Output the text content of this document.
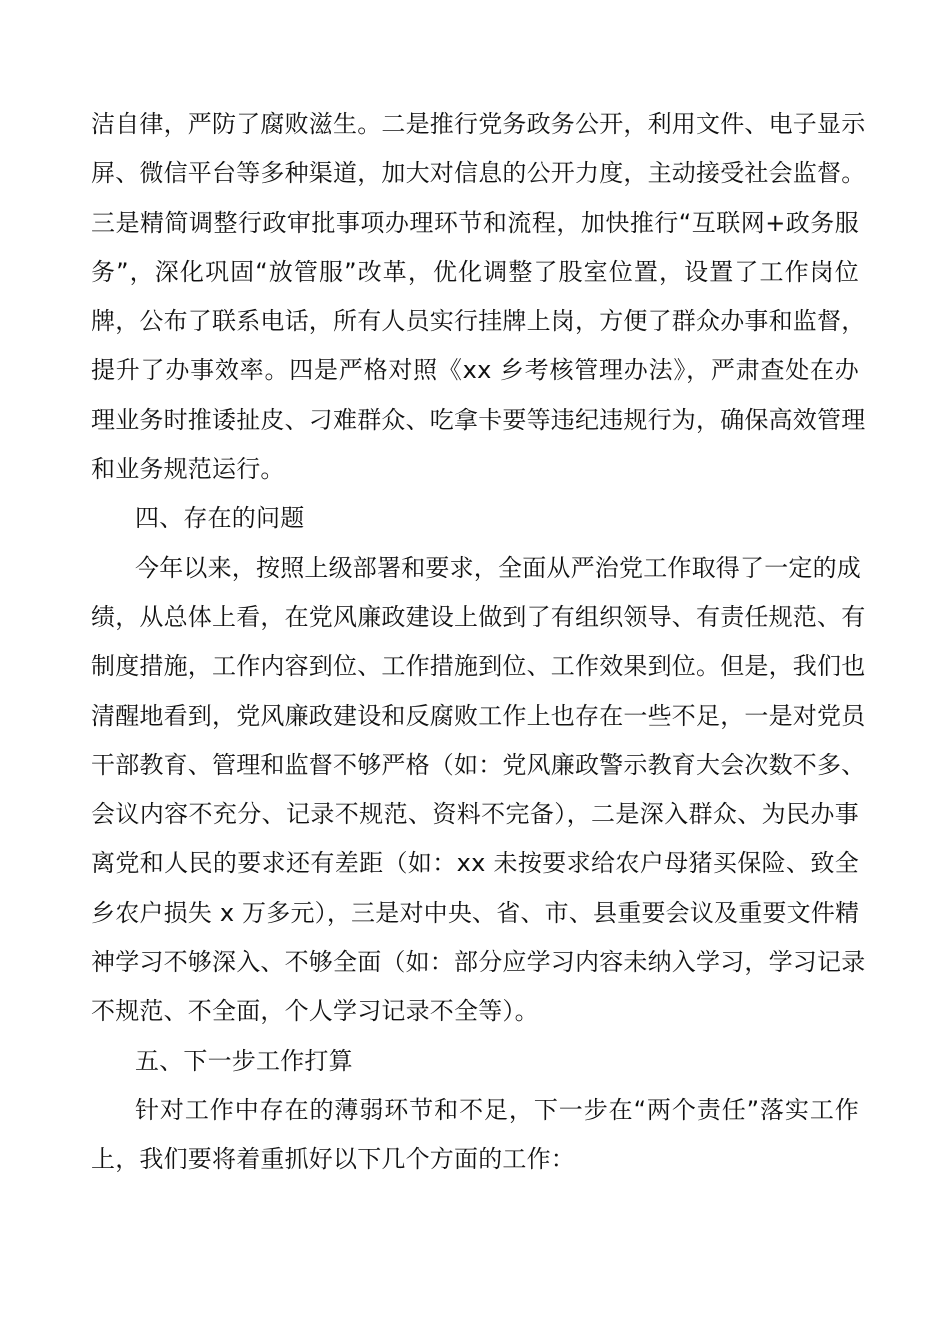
洁自律，严防了腐败滋生。二是推行党务政务公开，利用文件、电子显示
屏、微信平台等多种渠道，加大对信息的公开力度，主动接受社会监督。
三是精简调整行政审批事项办理环节和流程，加快推行“互联网+政务服
务”，深化巩固“放管服”改革，优化调整了股室位置，设置了工作岗位
牌，公布了联系电话，所有人员实行挂牌上岗，方便了群众办事和监督，
提升了办事效率。四是严格对照《xx 乡考核管理办法》，严肃查处在办
理业务时推诿扯皮、刁难群众、吃拿卡要等违纪违规行为，确保高效管理
和业务规范运行。
四、存在的问题
今年以来，按照上级部署和要求，全面从严治党工作取得了一定的成
绩，从总体上看，在党风廉政建设上做到了有组织领导、有责任规范、有
制度措施，工作内容到位、工作措施到位、工作效果到位。但是，我们也
清醒地看到，党风廉政建设和反腐败工作上也存在一些不足，一是对党员
干部教育、管理和监督不够严格（如：党风廉政警示教育大会次数不多、
会议内容不充分、记录不规范、资料不完备），二是深入群众、为民办事
离党和人民的要求还有差距（如：xx 未按要求给农户母猪买保险、致全
乡农户损失 x 万多元），三是对中央、省、市、县重要会议及重要文件精
神学习不够深入、不够全面（如：部分应学习内容未纳入学习，学习记录
不规范、不全面，个人学习记录不全等）。
五、下一步工作打算
针对工作中存在的薄弱环节和不足，下一步在“两个责任”落实工作
上，我们要将着重抓好以下几个方面的工作：
